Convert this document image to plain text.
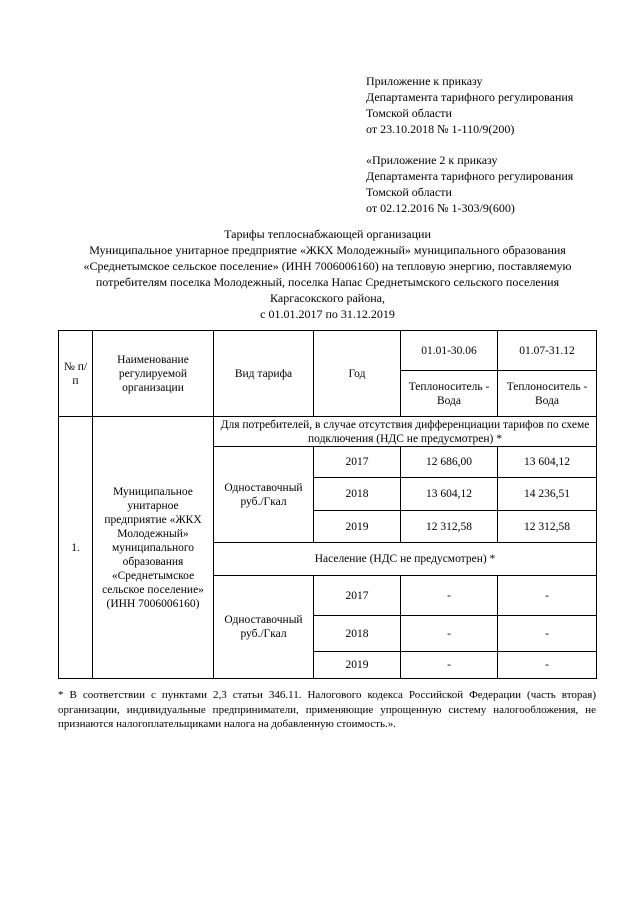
Приложение к приказу
Департамента тарифного регулирования
Томской области
от 23.10.2018 № 1-110/9(200)
«Приложение 2 к приказу
Департамента тарифного регулирования
Томской области
от 02.12.2016 № 1-303/9(600)
Тарифы теплоснабжающей организации
Муниципальное унитарное предприятие «ЖКХ Молодежный» муниципального образования
«Среднетымское сельское поселение» (ИНН 7006006160) на тепловую энергию, поставляемую
потребителям поселка Молодежный, поселка Напас Среднетымского сельского поселения
Каргасокского района,
с 01.01.2017 по 31.12.2019
№ п/п	Наименование регулируемой организации	Вид тарифа	Год	01.01-30.06	01.07-31.12
				Теплоноситель - Вода	Теплоноситель - Вода
1.	Муниципальное унитарное предприятие «ЖКХ Молодежный» муниципального образования «Среднетымское сельское поселение» (ИНН 7006006160)	Для потребителей, в случае отсутствия дифференциации тарифов по схеме подключения (НДС не предусмотрен) *			
		Одноставочный руб./Гкал	2017	12 686,00	13 604,12
			2018	13 604,12	14 236,51
			2019	12 312,58	12 312,58
		Население (НДС не предусмотрен) *			
		Одноставочный руб./Гкал	2017	-	-
			2018	-	-
			2019	-	-
* В соответствии с пунктами 2,3 статьи 346.11. Налогового кодекса Российской Федерации (часть вторая) организации, индивидуальные предприниматели, применяющие упрощенную систему налогообложения, не признаются налогоплательщиками налога на добавленную стоимость.».
